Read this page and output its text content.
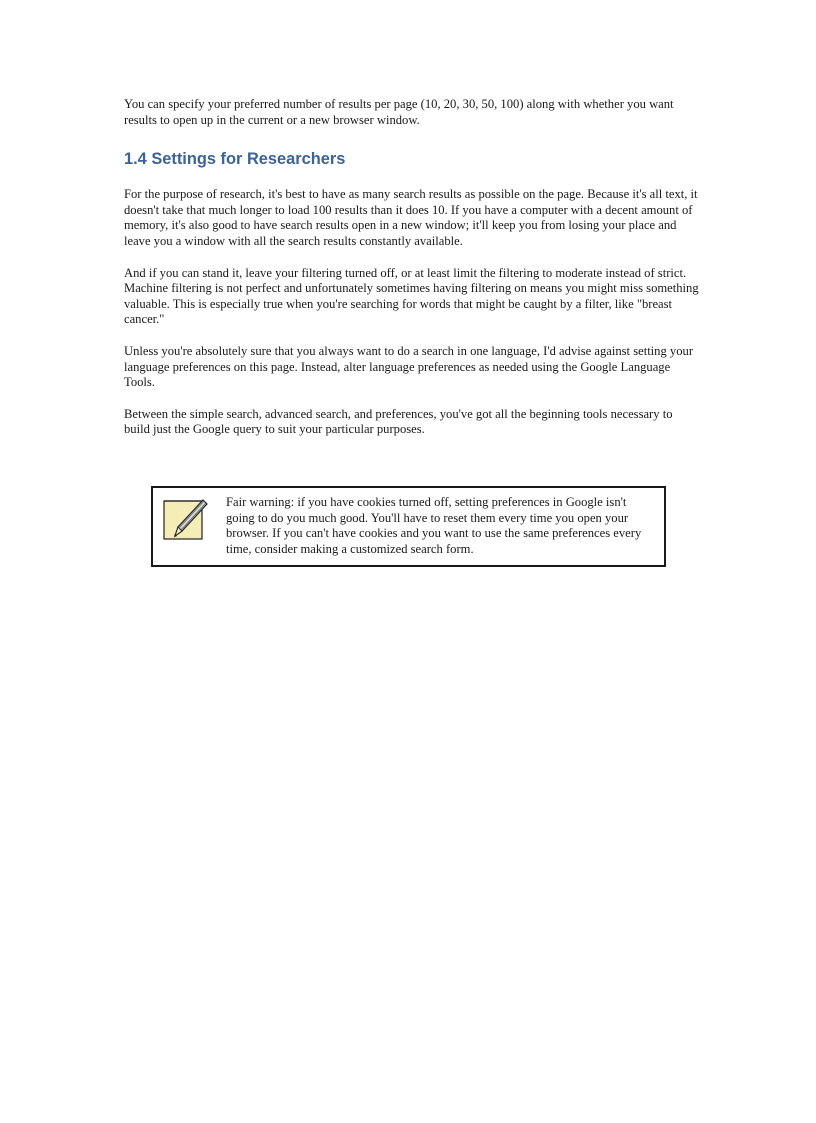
You can specify your preferred number of results per page (10, 20, 30, 50, 100) along with whether you want results to open up in the current or a new browser window.

1.4 Settings for Researchers

For the purpose of research, it's best to have as many search results as possible on the page. Because it's all text, it doesn't take that much longer to load 100 results than it does 10. If you have a computer with a decent amount of memory, it's also good to have search results open in a new window; it'll keep you from losing your place and leave you a window with all the search results constantly available.

And if you can stand it, leave your filtering turned off, or at least limit the filtering to moderate instead of strict. Machine filtering is not perfect and unfortunately sometimes having filtering on means you might miss something valuable. This is especially true when you're searching for words that might be caught by a filter, like "breast cancer."

Unless you're absolutely sure that you always want to do a search in one language, I'd advise against setting your language preferences on this page. Instead, alter language preferences as needed using the Google Language Tools.

Between the simple search, advanced search, and preferences, you've got all the beginning tools necessary to build just the Google query to suit your particular purposes.

Fair warning: if you have cookies turned off, setting preferences in Google isn't going to do you much good. You'll have to reset them every time you open your browser. If you can't have cookies and you want to use the same preferences every time, consider making a customized search form.
